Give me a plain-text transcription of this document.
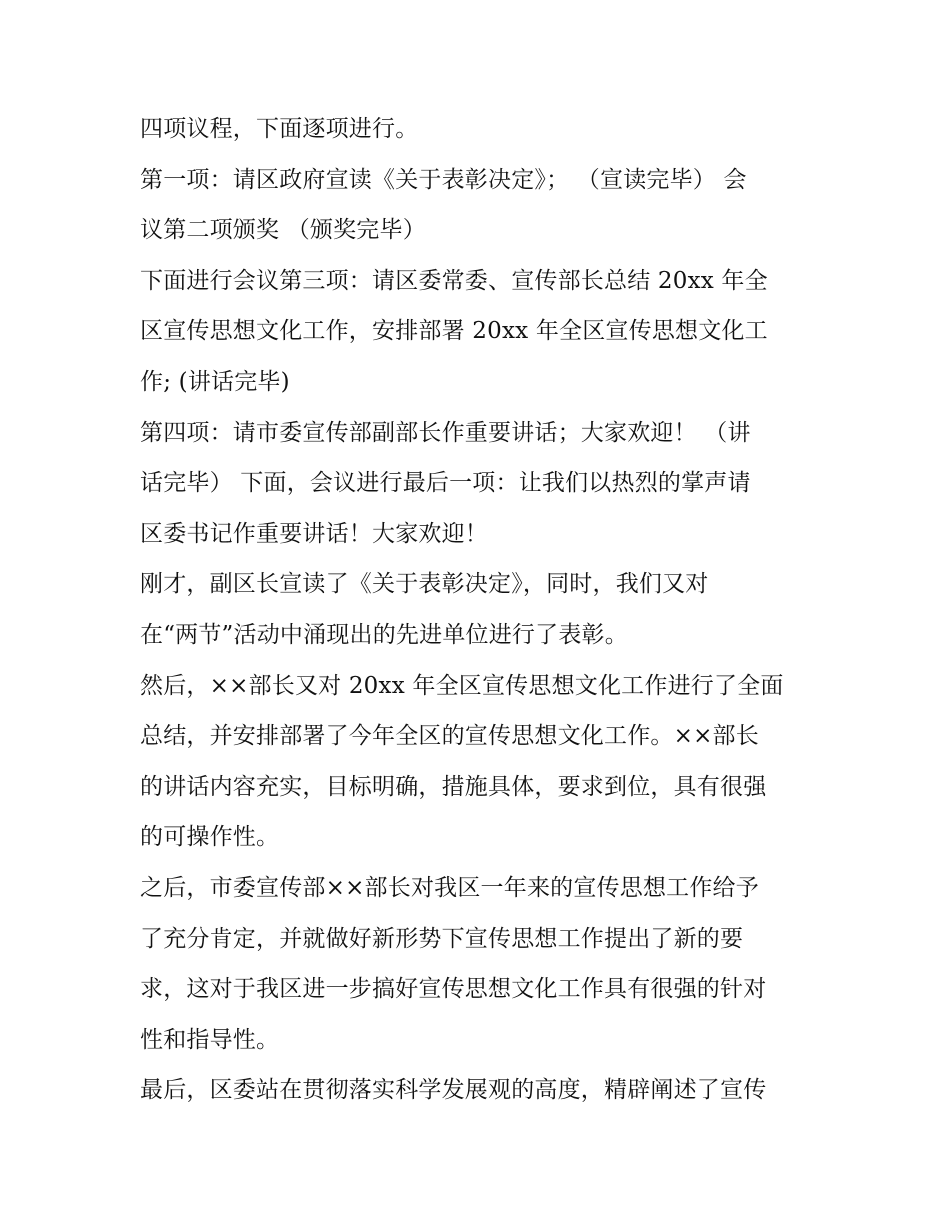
四项议程，下面逐项进行。
第一项：请区政府宣读《关于表彰决定》； （宣读完毕） 会
议第二项颁奖 （颁奖完毕）
下面进行会议第三项：请区委常委、宣传部长总结 20xx 年全
区宣传思想文化工作，安排部署 20xx 年全区宣传思想文化工
作; (讲话完毕)
第四项：请市委宣传部副部长作重要讲话；大家欢迎！ （讲
话完毕） 下面，会议进行最后一项：让我们以热烈的掌声请
区委书记作重要讲话！大家欢迎！
刚才，副区长宣读了《关于表彰决定》，同时，我们又对
在“两节”活动中涌现出的先进单位进行了表彰。
然后，××部长又对 20xx 年全区宣传思想文化工作进行了全面
总结，并安排部署了今年全区的宣传思想文化工作。××部长
的讲话内容充实，目标明确，措施具体，要求到位，具有很强
的可操作性。
之后，市委宣传部××部长对我区一年来的宣传思想工作给予
了充分肯定，并就做好新形势下宣传思想工作提出了新的要
求，这对于我区进一步搞好宣传思想文化工作具有很强的针对
性和指导性。
最后，区委站在贯彻落实科学发展观的高度，精辟阐述了宣传
